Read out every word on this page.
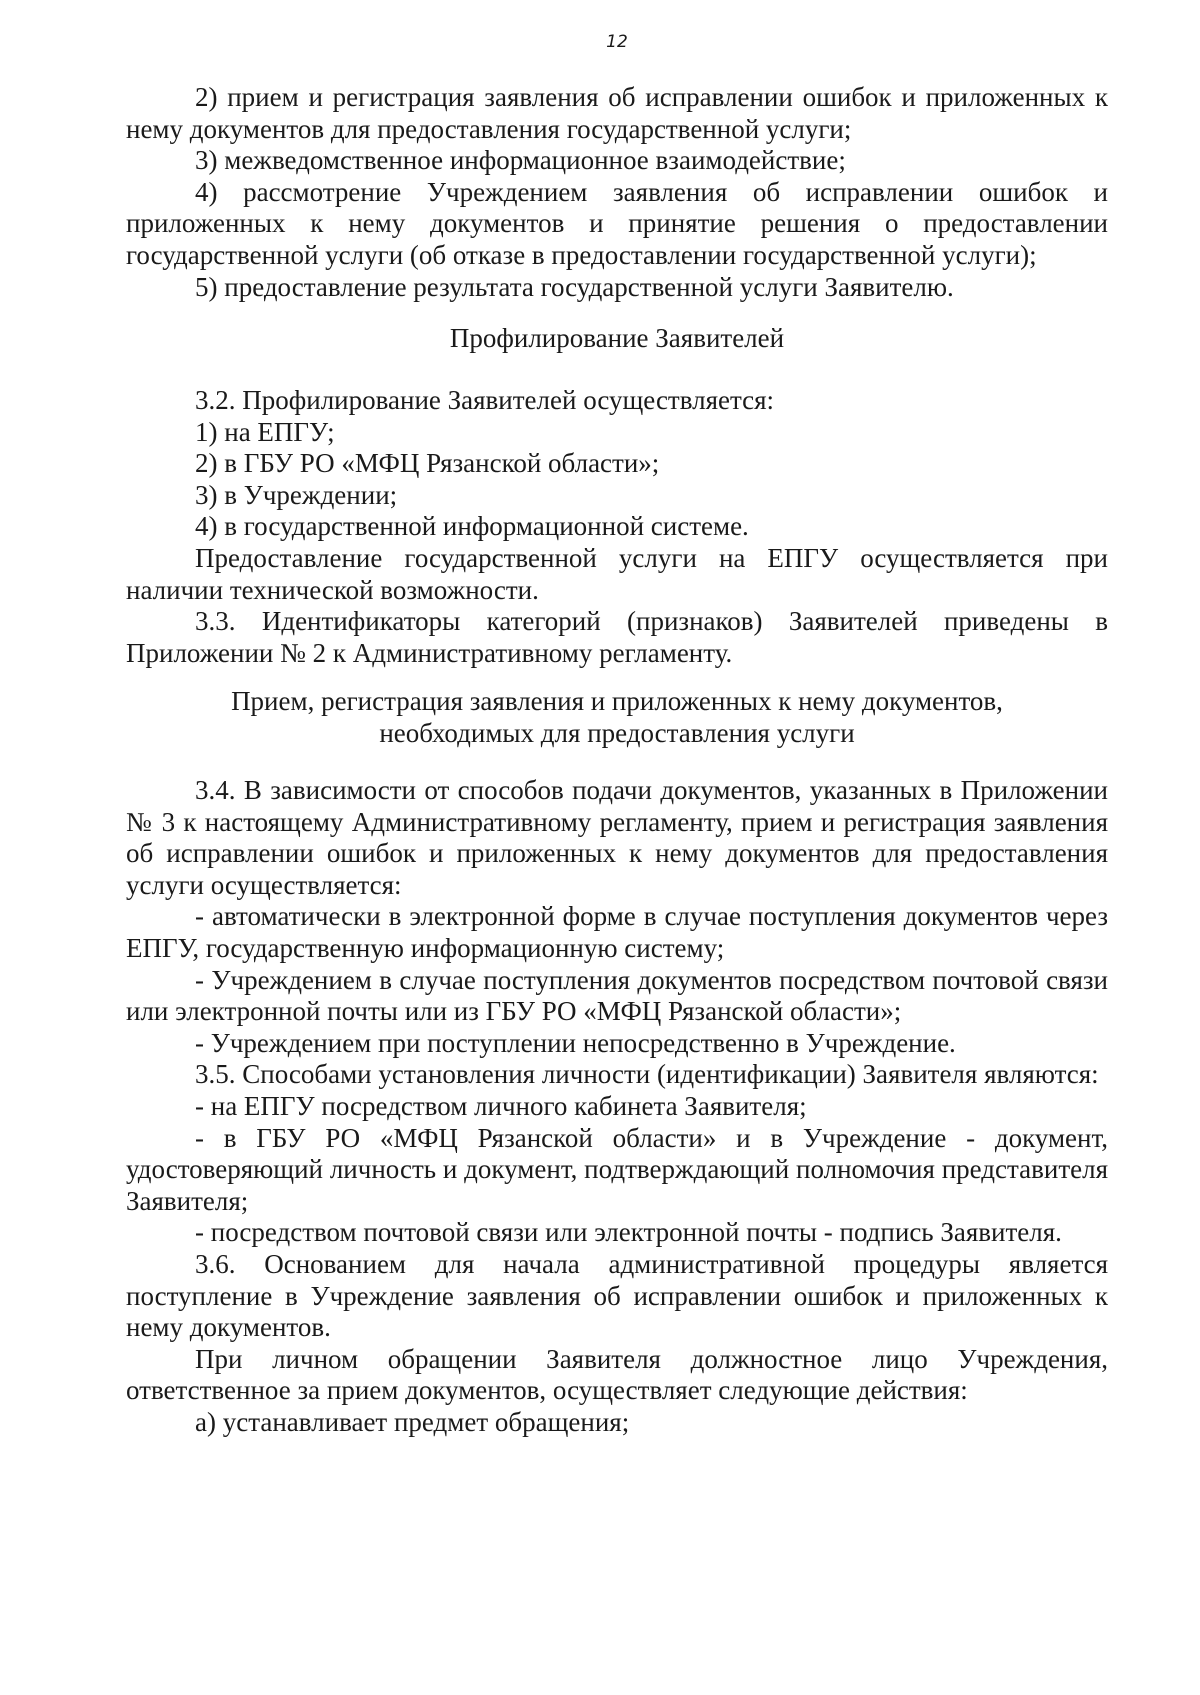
12

2) прием и регистрация заявления об исправлении ошибок и приложенных к нему документов для предоставления государственной услуги;

3) межведомственное информационное взаимодействие;

4) рассмотрение Учреждением заявления об исправлении ошибок и приложенных к нему документов и принятие решения о предоставлении государственной услуги (об отказе в предоставлении государственной услуги);

5) предоставление результата государственной услуги Заявителю.

Профилирование Заявителей

3.2. Профилирование Заявителей осуществляется:

1) на ЕПГУ;

2) в ГБУ РО «МФЦ Рязанской области»;

3) в Учреждении;

4) в государственной информационной системе.

Предоставление государственной услуги на ЕПГУ осуществляется при наличии технической возможности.

3.3. Идентификаторы категорий (признаков) Заявителей приведены в Приложении № 2 к Административному регламенту.

Прием, регистрация заявления и приложенных к нему документов,

необходимых для предоставления услуги

3.4. В зависимости от способов подачи документов, указанных в Приложении № 3 к настоящему Административному регламенту, прием и регистрация заявления об исправлении ошибок и приложенных к нему документов для предоставления услуги осуществляется:

- автоматически в электронной форме в случае поступления документов через ЕПГУ, государственную информационную систему;

- Учреждением в случае поступления документов посредством почтовой связи или электронной почты или из ГБУ РО «МФЦ Рязанской области»;

- Учреждением при поступлении непосредственно в Учреждение.

3.5. Способами установления личности (идентификации) Заявителя являются:

- на ЕПГУ посредством личного кабинета Заявителя;

- в ГБУ РО «МФЦ Рязанской области» и в Учреждение - документ, удостоверяющий личность и документ, подтверждающий полномочия представителя Заявителя;

- посредством почтовой связи или электронной почты - подпись Заявителя.

3.6. Основанием для начала административной процедуры является поступление в Учреждение заявления об исправлении ошибок и приложенных к нему документов.

При личном обращении Заявителя должностное лицо Учреждения, ответственное за прием документов, осуществляет следующие действия:

а) устанавливает предмет обращения;
